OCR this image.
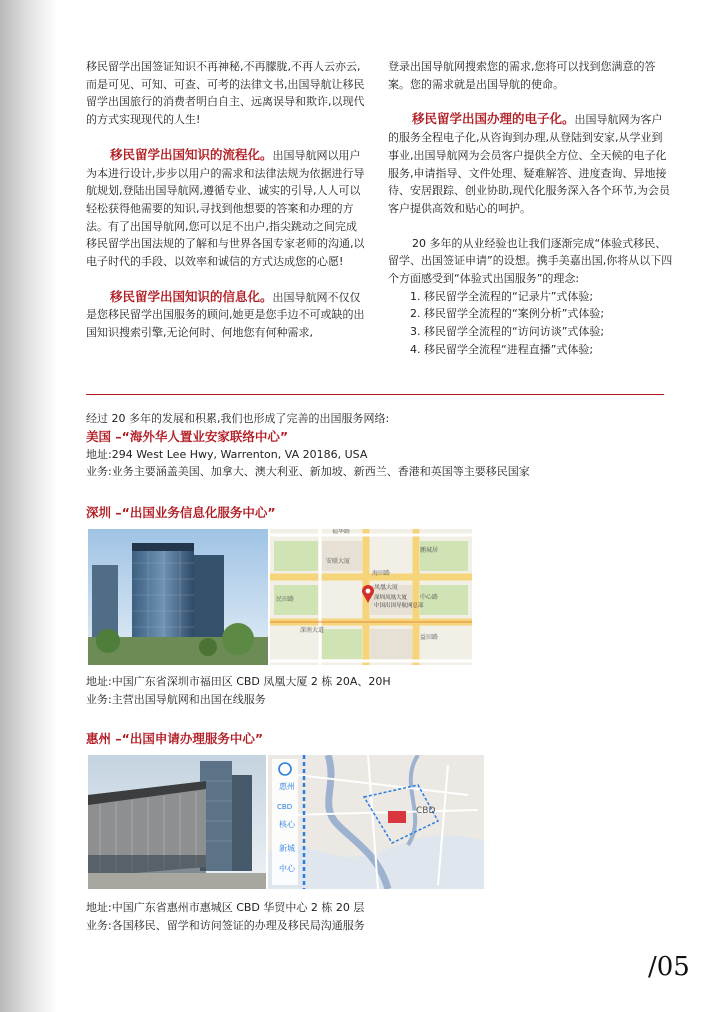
移民留学出国签证知识不再神秘,不再朦胧,不再人云亦云,而是可见、可知、可查、可考的法律文书,出国导航让移民留学出国旅行的消费者明白自主、远离误导和欺诈,以现代的方式实现现代的人生!

移民留学出国知识的流程化。出国导航网以用户为本进行设计,步步以用户的需求和法律法规为依据进行导航规划,登陆出国导航网,遵循专业、诚实的引导,人人可以轻松获得他需要的知识,寻找到他想要的答案和办理的方法。有了出国导航网,您可以足不出户,指尖跳动之间完成移民留学出国法规的了解和与世界各国专家老师的沟通,以电子时代的手段、以效率和诚信的方式达成您的心愿!

移民留学出国知识的信息化。出国导航网不仅仅是您移民留学出国服务的顾问,她更是您手边不可或缺的出国知识搜索引擎,无论何时、何地您有何种需求,

登录出国导航网搜索您的需求,您将可以找到您满意的答案。您的需求就是出国导航的使命。

移民留学出国办理的电子化。出国导航网为客户的服务全程电子化,从咨询到办理,从登陆到安家,从学业到事业,出国导航网为会员客户提供全方位、全天候的电子化服务,申请指导、文件处理、疑难解答、进度查询、异地接待、安居跟踪、创业协助,现代化服务深入各个环节,为会员客户提供高效和贴心的呵护。

20 多年的从业经验也让我们逐渐完成“体验式移民、留学、出国签证申请”的设想。携手美嘉出国,你将从以下四个方面感受到“体验式出国服务”的理念:

1. 移民留学全流程的“记录片”式体验;
2. 移民留学全流程的“案例分析”式体验;
3. 移民留学全流程的“访问访谈”式体验;
4. 移民留学全流程“进程直播”式体验;
经过 20 多年的发展和积累,我们也形成了完善的出国服务网络:

美国 –“海外华人置业安家联络中心”

地址:294 West Lee Hwy, Warrenton, VA 20186, USA

业务:业务主要涵盖美国、加拿大、澳大利亚、新加坡、新西兰、香港和英国等主要移民国家

深圳 –“出国业务信息化服务中心”

福华路
鹏城居
海田路
安联大厦
凤凰大厦
中心路
深南大道
民田路
益田路
深圳凤凰大厦
中国出国导航网总部

地址:中国广东省深圳市福田区 CBD 凤凰大厦 2 栋 20A、20H

业务:主营出国导航网和出国在线服务

惠州 –“出国申请办理服务中心”

惠州
CBD
核心
新城
中心
CBD

地址:中国广东省惠州市惠城区 CBD 华贸中心 2 栋 20 层

业务:各国移民、留学和访问签证的办理及移民局沟通服务

/05
